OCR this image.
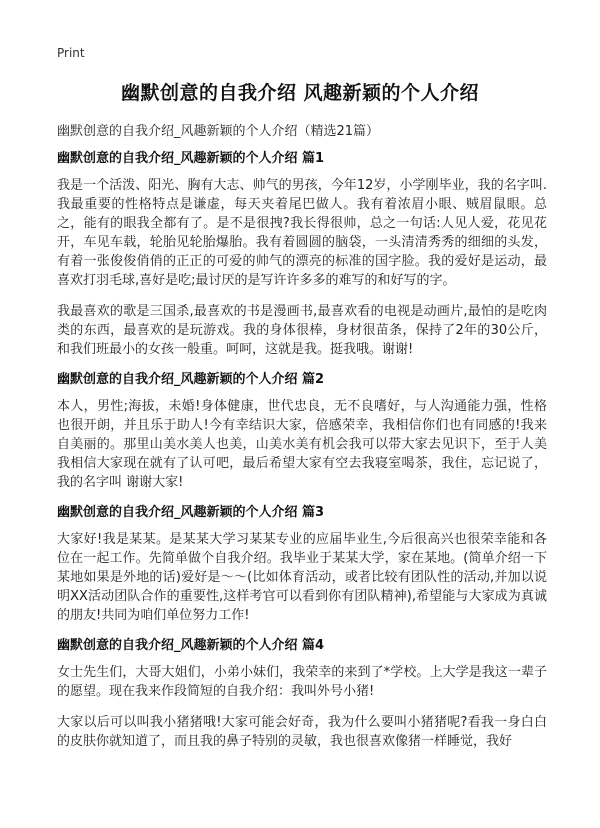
Print

幽默创意的自我介绍 风趣新颖的个人介绍

幽默创意的自我介绍_风趣新颖的个人介绍（精选21篇）

幽默创意的自我介绍_风趣新颖的个人介绍 篇1

我是一个活泼、阳光、胸有大志、帅气的男孩，今年12岁，小学刚毕业，我的名字叫.我最重要的性格特点是谦虚，每天夹着尾巴做人。我有着浓眉小眼、贼眉鼠眼。总之，能有的眼我全都有了。是不是很拽?我长得很帅，总之一句话:人见人爱，花见花开，车见车载，轮胎见轮胎爆胎。我有着圆圆的脑袋，一头清清秀秀的细细的头发，有着一张俊俊俏俏的正正的可爱的帅气的漂亮的标准的国字脸。我的爱好是运动，最喜欢打羽毛球,喜好是吃;最讨厌的是写许许多多的难写的和好写的字。

我最喜欢的歌是三国杀,最喜欢的书是漫画书,最喜欢看的电视是动画片,最怕的是吃肉类的东西，最喜欢的是玩游戏。我的身体很棒，身材很苗条，保持了2年的30公斤，和我们班最小的女孩一般重。呵呵，这就是我。挺我哦。谢谢!

幽默创意的自我介绍_风趣新颖的个人介绍 篇2

本人，男性;海拔，未婚!身体健康，世代忠良，无不良嗜好，与人沟通能力强，性格也很开朗，并且乐于助人!今有幸结识大家，倍感荣幸，我相信你们也有同感的!我来自美丽的。那里山美水美人也美，山美水美有机会我可以带大家去见识下，至于人美我相信大家现在就有了认可吧，最后希望大家有空去我寝室喝茶，我住，忘记说了，我的名字叫 谢谢大家!

幽默创意的自我介绍_风趣新颖的个人介绍 篇3

大家好!我是某某。是某某大学习某某专业的应届毕业生,今后很高兴也很荣幸能和各位在一起工作。先简单做个自我介绍。我毕业于某某大学，家在某地。(简单介绍一下某地如果是外地的话)爱好是～～(比如体育活动，或者比较有团队性的活动,并加以说明XX活动团队合作的重要性,这样考官可以看到你有团队精神),希望能与大家成为真诚的朋友!共同为咱们单位努力工作!

幽默创意的自我介绍_风趣新颖的个人介绍 篇4

女士先生们，大哥大姐们，小弟小妹们，我荣幸的来到了*学校。上大学是我这一辈子的愿望。现在我来作段简短的自我介绍：我叫外号小猪!

大家以后可以叫我小猪猪哦!大家可能会好奇，我为什么要叫小猪猪呢?看我一身白白的皮肤你就知道了，而且我的鼻子特别的灵敏，我也很喜欢像猪一样睡觉，我好
